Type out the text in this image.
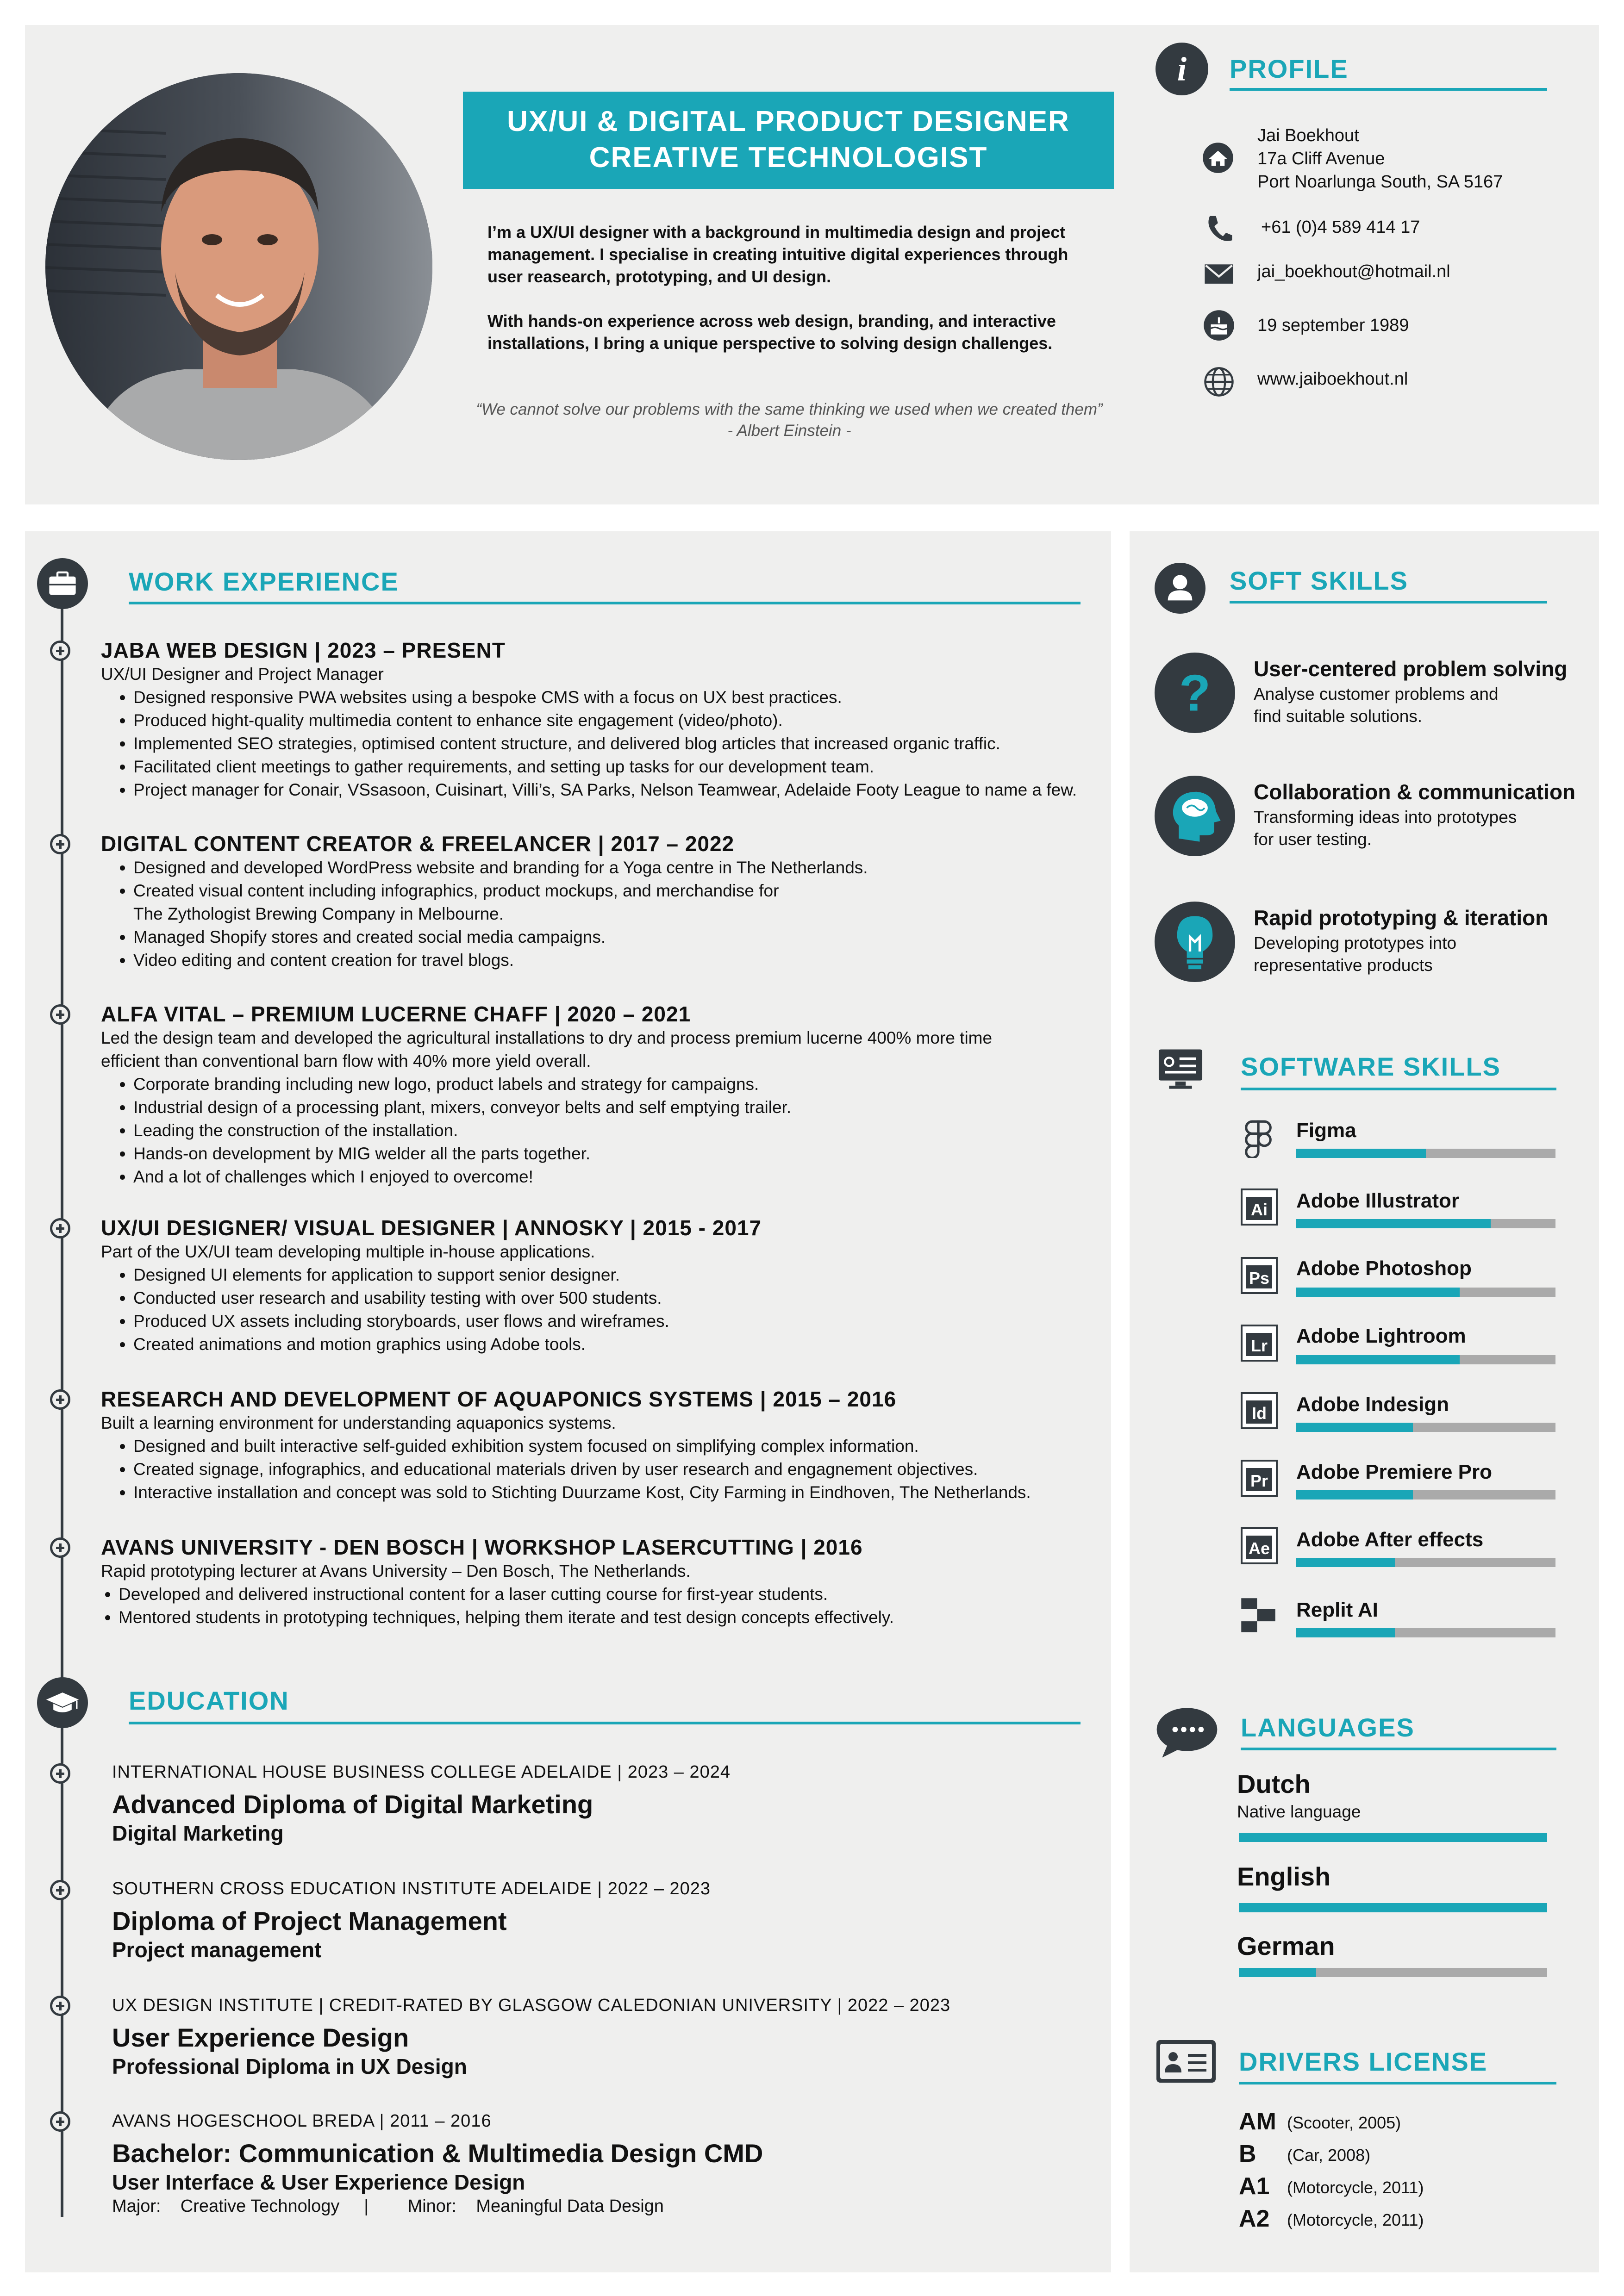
UX/UI & DIGITAL PRODUCT DESIGNER
CREATIVE TECHNOLOGIST
I’m a UX/UI designer with a background in multimedia design and project
management. I specialise in creating intuitive digital experiences through
user reasearch, prototyping, and UI design.
With hands-on experience across web design, branding, and interactive
installations, I bring a unique perspective to solving design challenges.
“We cannot solve our problems with the same thinking we used when we created them”
- Albert Einstein -
i PROFILE
Jai Boekhout
17a Cliff Avenue
Port Noarlunga South, SA 5167
+61 (0)4 589 414 17
jai_boekhout@hotmail.nl
19 september 1989
www.jaiboekhout.nl
WORK EXPERIENCE
JABA WEB DESIGN | 2023 – PRESENT
UX/UI Designer and Project Manager
• Designed responsive PWA websites using a bespoke CMS with a focus on UX best practices.
• Produced hight-quality multimedia content to enhance site engagement (video/photo).
• Implemented SEO strategies, optimised content structure, and delivered blog articles that increased organic traffic.
• Facilitated client meetings to gather requirements, and setting up tasks for our development team.
• Project manager for Conair, VSsasoon, Cuisinart, Villi’s, SA Parks, Nelson Teamwear, Adelaide Footy League to name a few.
DIGITAL CONTENT CREATOR & FREELANCER | 2017 – 2022
• Designed and developed WordPress website and branding for a Yoga centre in The Netherlands.
• Created visual content including infographics, product mockups, and merchandise for
The Zythologist Brewing Company in Melbourne.
• Managed Shopify stores and created social media campaigns.
• Video editing and content creation for travel blogs.
ALFA VITAL – PREMIUM LUCERNE CHAFF | 2020 – 2021
Led the design team and developed the agricultural installations to dry and process premium lucerne 400% more time
efficient than conventional barn flow with 40% more yield overall.
• Corporate branding including new logo, product labels and strategy for campaigns.
• Industrial design of a processing plant, mixers, conveyor belts and self emptying trailer.
• Leading the construction of the installation.
• Hands-on development by MIG welder all the parts together.
• And a lot of challenges which I enjoyed to overcome!
UX/UI DESIGNER/ VISUAL DESIGNER | ANNOSKY | 2015 - 2017
Part of the UX/UI team developing multiple in-house applications.
• Designed UI elements for application to support senior designer.
• Conducted user research and usability testing with over 500 students.
• Produced UX assets including storyboards, user flows and wireframes.
• Created animations and motion graphics using Adobe tools.
RESEARCH AND DEVELOPMENT OF AQUAPONICS SYSTEMS | 2015 – 2016
Built a learning environment for understanding aquaponics systems.
• Designed and built interactive self-guided exhibition system focused on simplifying complex information.
• Created signage, infographics, and educational materials driven by user research and engagnement objectives.
• Interactive installation and concept was sold to Stichting Duurzame Kost, City Farming in Eindhoven, The Netherlands.
AVANS UNIVERSITY - DEN BOSCH | WORKSHOP LASERCUTTING | 2016
Rapid prototyping lecturer at Avans University – Den Bosch, The Netherlands.
• Developed and delivered instructional content for a laser cutting course for first-year students.
• Mentored students in prototyping techniques, helping them iterate and test design concepts effectively.
EDUCATION
INTERNATIONAL HOUSE BUSINESS COLLEGE ADELAIDE | 2023 – 2024
Advanced Diploma of Digital Marketing
Digital Marketing
SOUTHERN CROSS EDUCATION INSTITUTE ADELAIDE | 2022 – 2023
Diploma of Project Management
Project management
UX DESIGN INSTITUTE | CREDIT-RATED BY GLASGOW CALEDONIAN UNIVERSITY | 2022 – 2023
User Experience Design
Professional Diploma in UX Design
AVANS HOGESCHOOL BREDA | 2011 – 2016
Bachelor: Communication & Multimedia Design CMD
User Interface & User Experience Design
Major:    Creative Technology     |        Minor:    Meaningful Data Design
SOFT SKILLS
? User-centered problem solving
Analyse customer problems and
find suitable solutions.
Collaboration & communication
Transforming ideas into prototypes
for user testing.
Rapid prototyping & iteration
Developing prototypes into
representative products
SOFTWARE SKILLS
Figma
Ai Adobe Illustrator
Ps Adobe Photoshop
Lr Adobe Lightroom
Id Adobe Indesign
Pr Adobe Premiere Pro
Ae Adobe After effects
Replit AI
LANGUAGES
Dutch
Native language
English
German
DRIVERS LICENSE
AM (Scooter, 2005)
B (Car, 2008)
A1 (Motorcycle, 2011)
A2 (Motorcycle, 2011)
